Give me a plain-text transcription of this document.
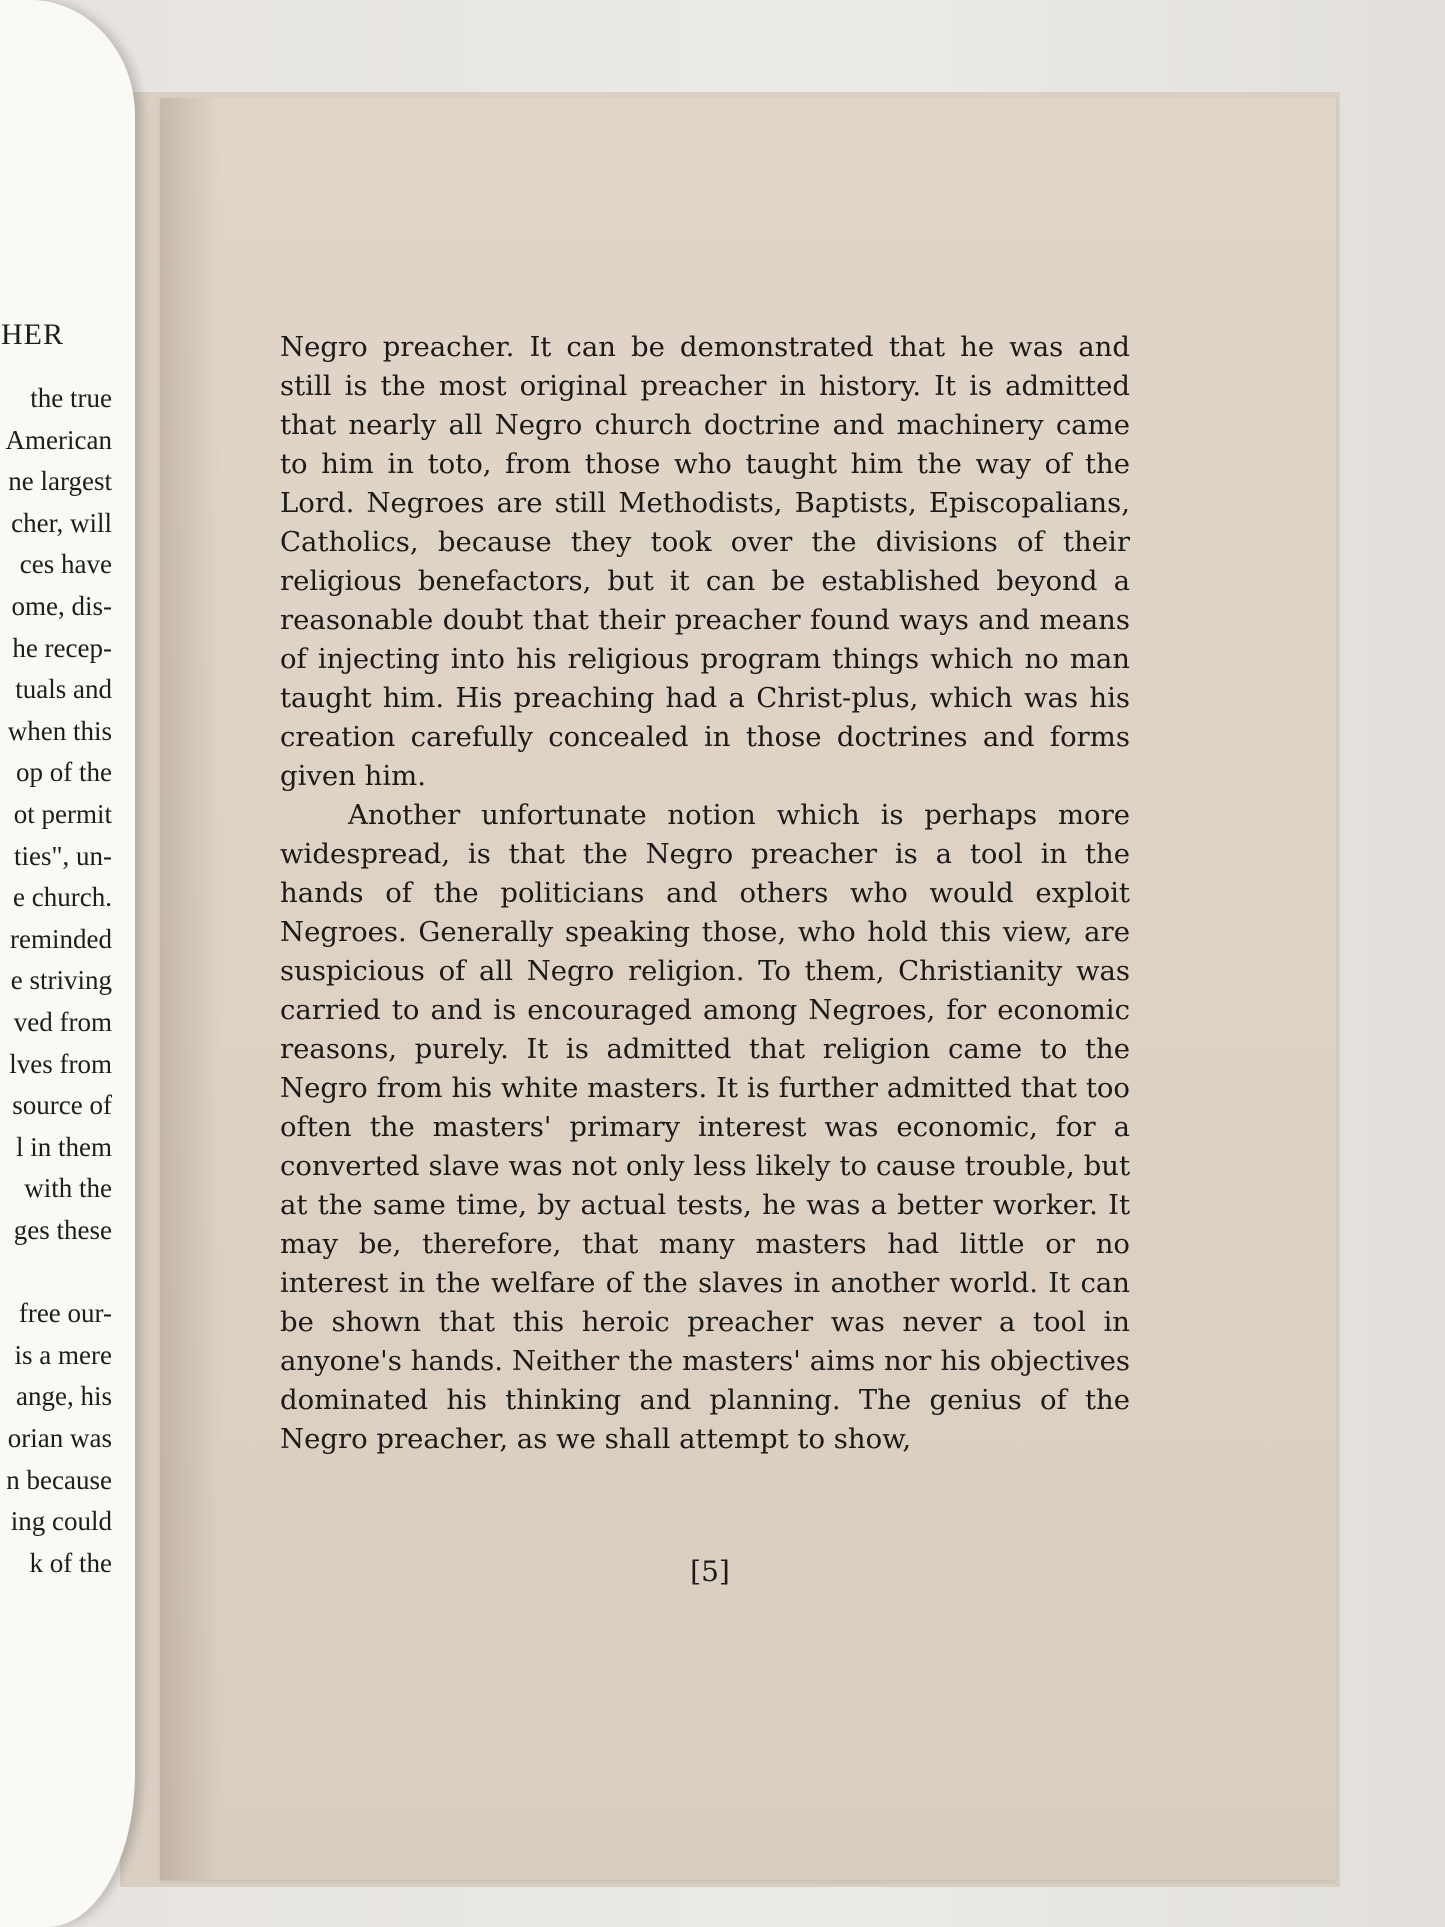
HER
the true
American
ne largest
cher, will
ces have
ome, dis-
he recep-
tuals and
when this
op of the
ot permit
ties", un-
e church.
reminded
e striving
ved from
lves from
source of
l in them
with the
ges these
free our-
is a mere
ange, his
orian was
n because
ing could
k of the

Negro preacher. It can be demonstrated that he was and still is the most original preacher in history. It is admitted that nearly all Negro church doctrine and machinery came to him in toto, from those who taught him the way of the Lord. Negroes are still Methodists, Baptists, Episcopalians, Catholics, because they took over the divisions of their religious benefactors, but it can be established beyond a reasonable doubt that their preacher found ways and means of injecting into his religious program things which no man taught him. His preaching had a Christ-plus, which was his creation carefully concealed in those doctrines and forms given him.

Another unfortunate notion which is perhaps more widespread, is that the Negro preacher is a tool in the hands of the politicians and others who would exploit Negroes. Generally speaking those, who hold this view, are suspicious of all Negro religion. To them, Christianity was carried to and is encouraged among Negroes, for economic reasons, purely. It is admitted that religion came to the Negro from his white masters. It is further admitted that too often the masters' primary interest was economic, for a converted slave was not only less likely to cause trouble, but at the same time, by actual tests, he was a better worker. It may be, therefore, that many masters had little or no interest in the welfare of the slaves in another world. It can be shown that this heroic preacher was never a tool in anyone's hands. Neither the masters' aims nor his objectives dominated his thinking and planning. The genius of the Negro preacher, as we shall attempt to show,

[5]
